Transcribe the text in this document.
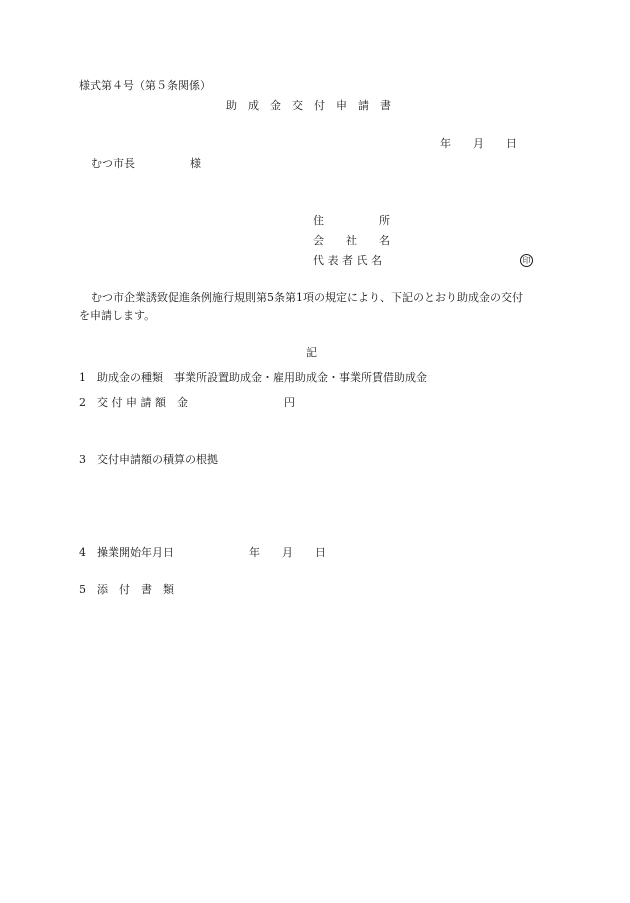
様式第４号（第５条関係）
助　成　金　交　付　申　請　書
年　　月　　日
むつ市長　　　　　様
住　　　　　所
会　　社　　名
代 表 者 氏 名	印
むつ市企業誘致促進条例施行規則第5条第1項の規定により、下記のとおり助成金の交付
を申請します。
記
1　助成金の種類　事業所設置助成金・雇用助成金・事業所賃借助成金
2　交 付 申 請 額　金	円
3　交付申請額の積算の根拠
4　操業開始年月日	年　　月　　日
5　添　付　書　類
